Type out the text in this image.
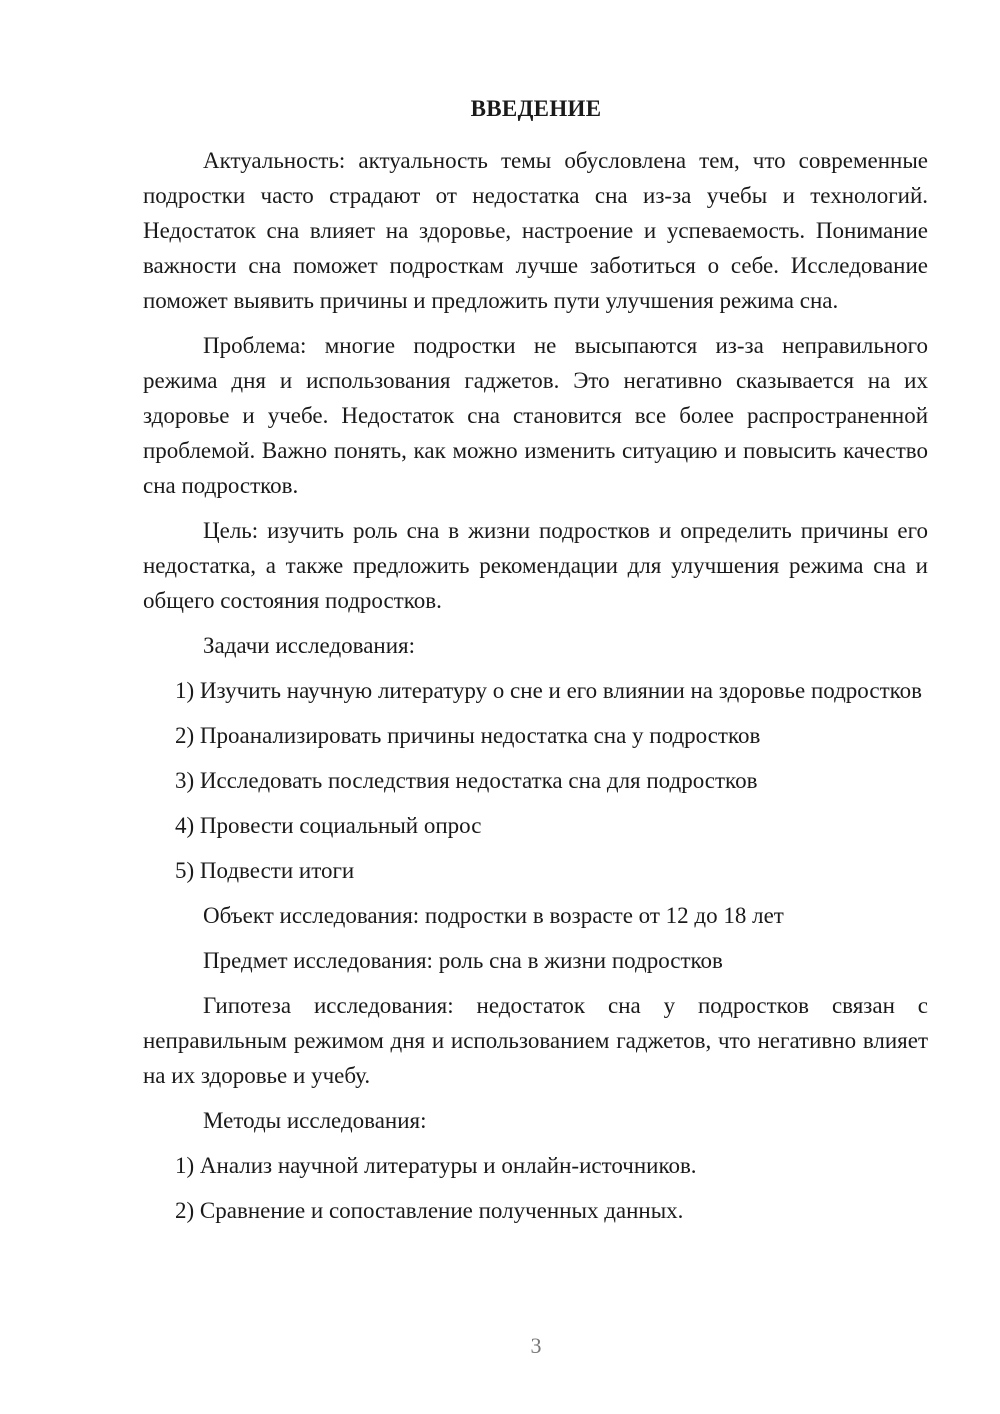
ВВЕДЕНИЕ

Актуальность: актуальность темы обусловлена тем, что современные подростки часто страдают от недостатка сна из-за учебы и технологий. Недостаток сна влияет на здоровье, настроение и успеваемость. Понимание важности сна поможет подросткам лучше заботиться о себе. Исследование поможет выявить причины и предложить пути улучшения режима сна.

Проблема: многие подростки не высыпаются из-за неправильного режима дня и использования гаджетов. Это негативно сказывается на их здоровье и учебе. Недостаток сна становится все более распространенной проблемой. Важно понять, как можно изменить ситуацию и повысить качество сна подростков.

Цель: изучить роль сна в жизни подростков и определить причины его недостатка, а также предложить рекомендации для улучшения режима сна и общего состояния подростков.

Задачи исследования:

1) Изучить научную литературу о сне и его влиянии на здоровье подростков

2) Проанализировать причины недостатка сна у подростков

3) Исследовать последствия недостатка сна для подростков

4) Провести социальный опрос

5) Подвести итоги

Объект исследования: подростки в возрасте от 12 до 18 лет

Предмет исследования: роль сна в жизни подростков

Гипотеза исследования: недостаток сна у подростков связан с неправильным режимом дня и использованием гаджетов, что негативно влияет на их здоровье и учебу.

Методы исследования:

1) Анализ научной литературы и онлайн-источников.

2) Сравнение и сопоставление полученных данных.

3
